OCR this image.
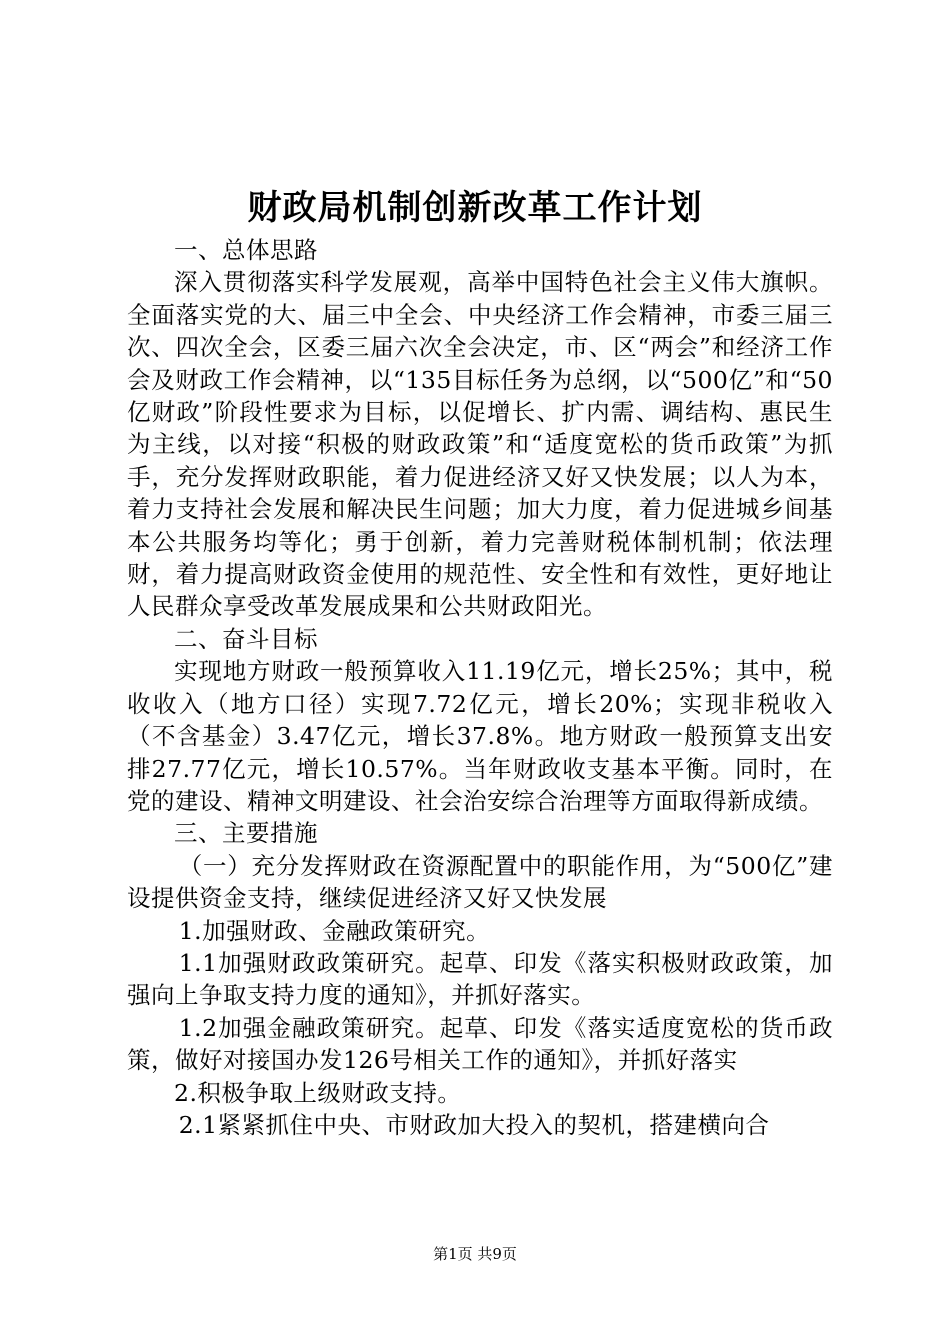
财政局机制创新改革工作计划

一、总体思路

深入贯彻落实科学发展观，高举中国特色社会主义伟大旗帜。全面落实党的大、届三中全会、中央经济工作会精神，市委三届三次、四次全会，区委三届六次全会决定，市、区“两会”和经济工作会及财政工作会精神，以“135目标任务为总纲，以“500亿”和“50亿财政”阶段性要求为目标，以促增长、扩内需、调结构、惠民生为主线，以对接“积极的财政政策”和“适度宽松的货币政策”为抓手，充分发挥财政职能，着力促进经济又好又快发展；以人为本，着力支持社会发展和解决民生问题；加大力度，着力促进城乡间基本公共服务均等化；勇于创新，着力完善财税体制机制；依法理财，着力提高财政资金使用的规范性、安全性和有效性，更好地让人民群众享受改革发展成果和公共财政阳光。

二、奋斗目标

实现地方财政一般预算收入11.19亿元，增长25%；其中，税收收入（地方口径）实现7.72亿元，增长20%；实现非税收入（不含基金）3.47亿元，增长37.8%。地方财政一般预算支出安排27.77亿元，增长10.57%。当年财政收支基本平衡。同时，在党的建设、精神文明建设、社会治安综合治理等方面取得新成绩。

三、主要措施

（一）充分发挥财政在资源配置中的职能作用，为“500亿”建设提供资金支持，继续促进经济又好又快发展

1.加强财政、金融政策研究。

1.1加强财政政策研究。起草、印发《落实积极财政政策，加强向上争取支持力度的通知》，并抓好落实。

1.2加强金融政策研究。起草、印发《落实适度宽松的货币政策，做好对接国办发126号相关工作的通知》，并抓好落实

2.积极争取上级财政支持。

2.1紧紧抓住中央、市财政加大投入的契机，搭建横向合

第1页 共9页
